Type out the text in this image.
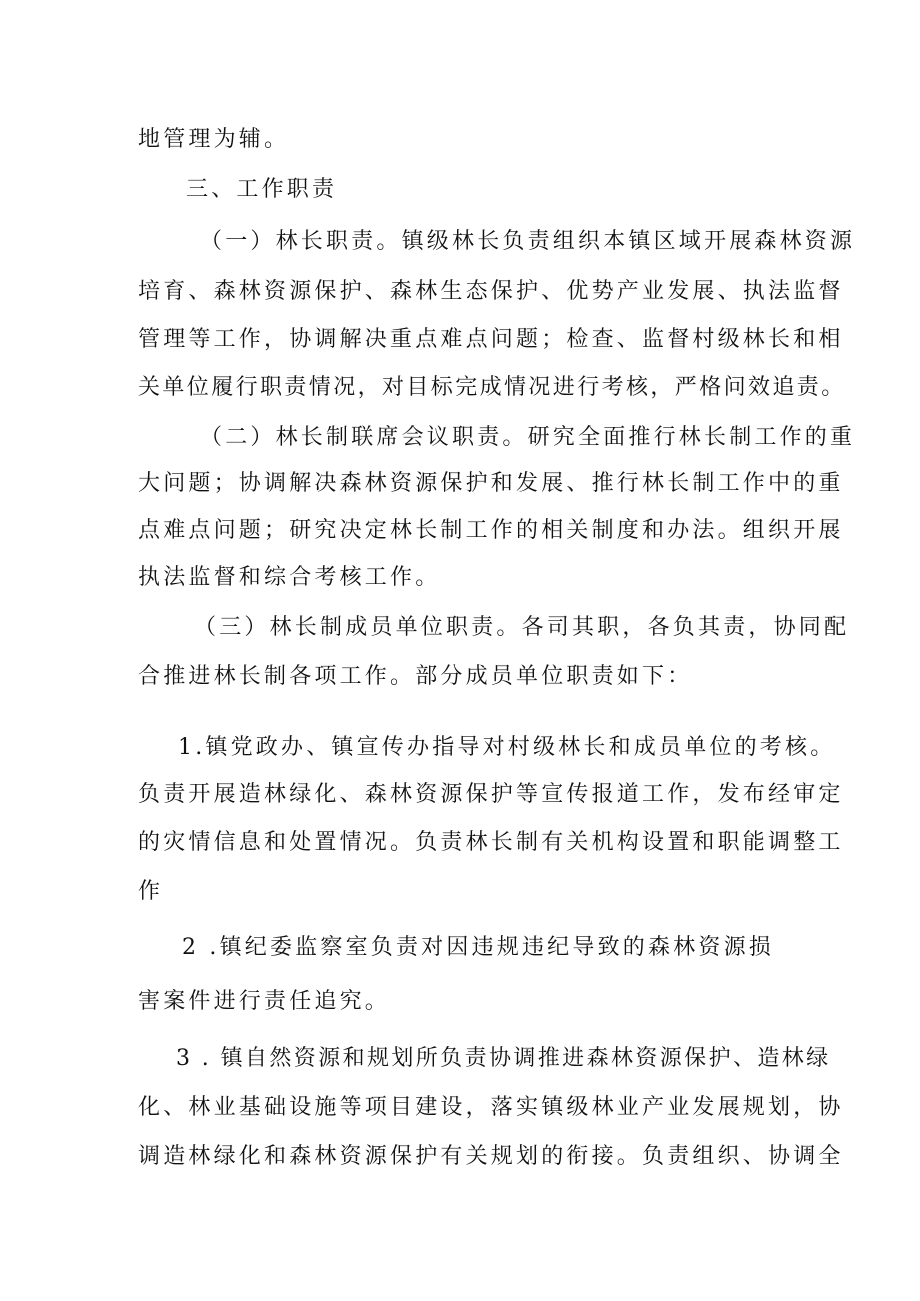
地管理为辅。
三、工作职责
（一）林长职责。镇级林长负责组织本镇区域开展森林资源
培育、森林资源保护、森林生态保护、优势产业发展、执法监督
管理等工作，协调解决重点难点问题；检查、监督村级林长和相
关单位履行职责情况，对目标完成情况进行考核，严格问效追责。
（二）林长制联席会议职责。研究全面推行林长制工作的重
大问题；协调解决森林资源保护和发展、推行林长制工作中的重
点难点问题；研究决定林长制工作的相关制度和办法。组织开展
执法监督和综合考核工作。
（三）林长制成员单位职责。各司其职，各负其责，协同配
合推进林长制各项工作。部分成员单位职责如下：
1.镇党政办、镇宣传办指导对村级林长和成员单位的考核。
负责开展造林绿化、森林资源保护等宣传报道工作，发布经审定
的灾情信息和处置情况。负责林长制有关机构设置和职能调整工
作
2 .镇纪委监察室负责对因违规违纪导致的森林资源损
害案件进行责任追究。
3 . 镇自然资源和规划所负责协调推进森林资源保护、造林绿
化、林业基础设施等项目建设，落实镇级林业产业发展规划，协
调造林绿化和森林资源保护有关规划的衔接。负责组织、协调全
